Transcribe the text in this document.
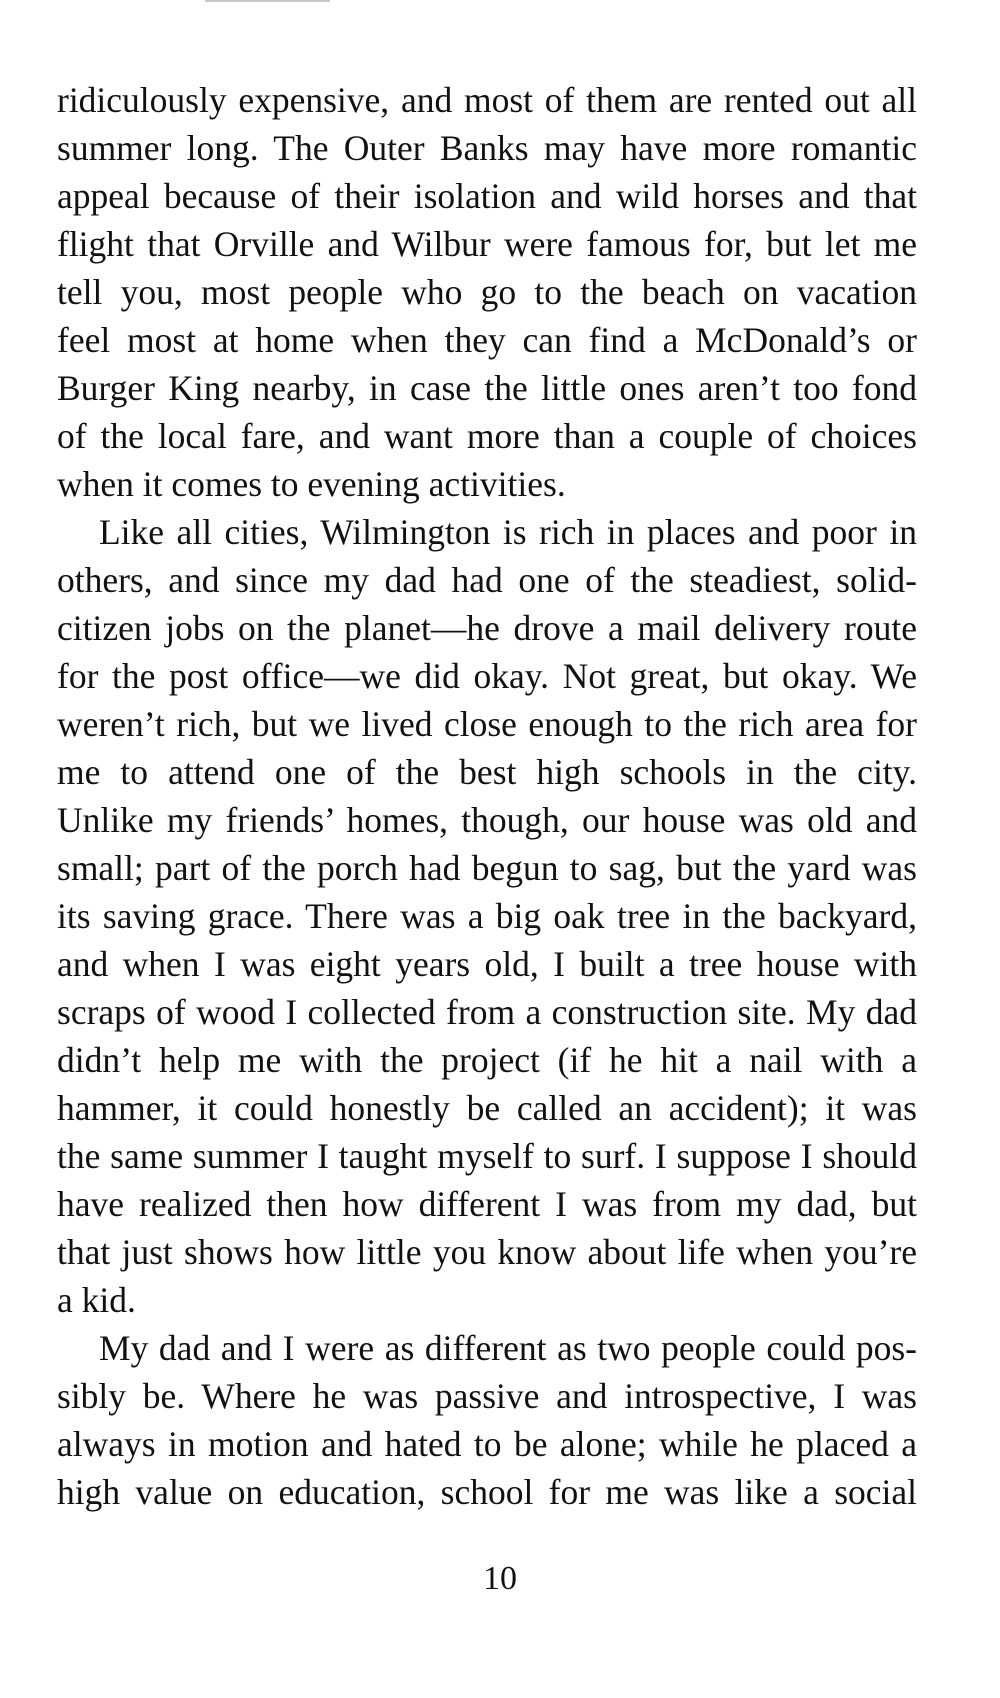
ridiculously expensive, and most of them are rented out all
summer long. The Outer Banks may have more romantic
appeal because of their isolation and wild horses and that
flight that Orville and Wilbur were famous for, but let me
tell you, most people who go to the beach on vacation
feel most at home when they can find a McDonald’s or
Burger King nearby, in case the little ones aren’t too fond
of the local fare, and want more than a couple of choices
when it comes to evening activities.
Like all cities, Wilmington is rich in places and poor in
others, and since my dad had one of the steadiest, solid-
citizen jobs on the planet—he drove a mail delivery route
for the post office—we did okay. Not great, but okay. We
weren’t rich, but we lived close enough to the rich area for
me to attend one of the best high schools in the city.
Unlike my friends’ homes, though, our house was old and
small; part of the porch had begun to sag, but the yard was
its saving grace. There was a big oak tree in the backyard,
and when I was eight years old, I built a tree house with
scraps of wood I collected from a construction site. My dad
didn’t help me with the project (if he hit a nail with a
hammer, it could honestly be called an accident); it was
the same summer I taught myself to surf. I suppose I should
have realized then how different I was from my dad, but
that just shows how little you know about life when you’re
a kid.
My dad and I were as different as two people could pos-
sibly be. Where he was passive and introspective, I was
always in motion and hated to be alone; while he placed a
high value on education, school for me was like a social
10
